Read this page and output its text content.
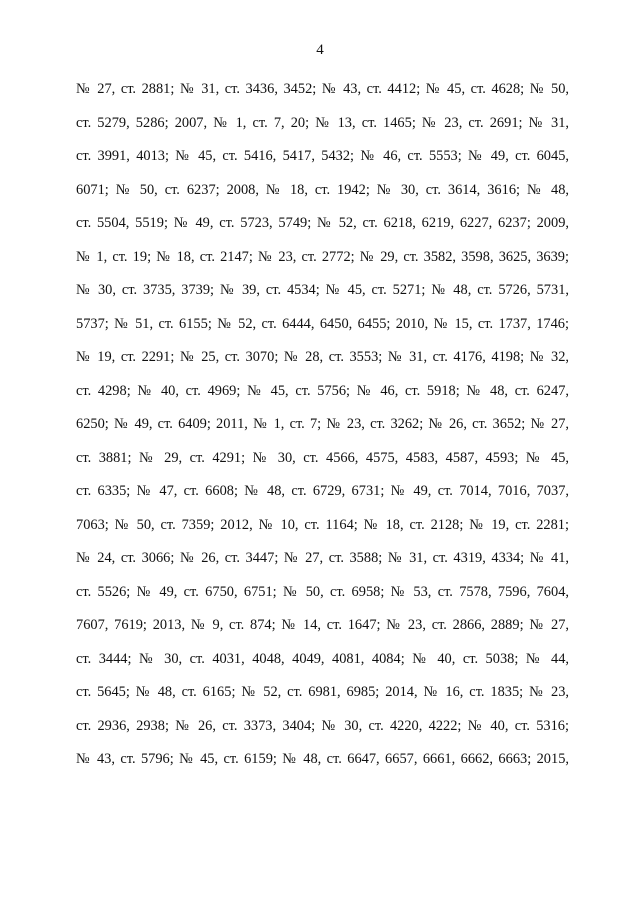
4
№ 27, ст. 2881; № 31, ст. 3436, 3452; № 43, ст. 4412; № 45, ст. 4628; № 50,
ст. 5279, 5286; 2007, № 1, ст. 7, 20; № 13, ст. 1465; № 23, ст. 2691; № 31,
ст. 3991, 4013; № 45, ст. 5416, 5417, 5432; № 46, ст. 5553; № 49, ст. 6045,
6071; № 50, ст. 6237; 2008, № 18, ст. 1942; № 30, ст. 3614, 3616; № 48,
ст. 5504, 5519; № 49, ст. 5723, 5749; № 52, ст. 6218, 6219, 6227, 6237; 2009,
№ 1, ст. 19; № 18, ст. 2147; № 23, ст. 2772; № 29, ст. 3582, 3598, 3625, 3639;
№ 30, ст. 3735, 3739; № 39, ст. 4534; № 45, ст. 5271; № 48, ст. 5726, 5731,
5737; № 51, ст. 6155; № 52, ст. 6444, 6450, 6455; 2010, № 15, ст. 1737, 1746;
№ 19, ст. 2291; № 25, ст. 3070; № 28, ст. 3553; № 31, ст. 4176, 4198; № 32,
ст. 4298; № 40, ст. 4969; № 45, ст. 5756; № 46, ст. 5918; № 48, ст. 6247,
6250; № 49, ст. 6409; 2011, № 1, ст. 7; № 23, ст. 3262; № 26, ст. 3652; № 27,
ст. 3881; № 29, ст. 4291; № 30, ст. 4566, 4575, 4583, 4587, 4593; № 45,
ст. 6335; № 47, ст. 6608; № 48, ст. 6729, 6731; № 49, ст. 7014, 7016, 7037,
7063; № 50, ст. 7359; 2012, № 10, ст. 1164; № 18, ст. 2128; № 19, ст. 2281;
№ 24, ст. 3066; № 26, ст. 3447; № 27, ст. 3588; № 31, ст. 4319, 4334; № 41,
ст. 5526; № 49, ст. 6750, 6751; № 50, ст. 6958; № 53, ст. 7578, 7596, 7604,
7607, 7619; 2013, № 9, ст. 874; № 14, ст. 1647; № 23, ст. 2866, 2889; № 27,
ст. 3444; № 30, ст. 4031, 4048, 4049, 4081, 4084; № 40, ст. 5038; № 44,
ст. 5645; № 48, ст. 6165; № 52, ст. 6981, 6985; 2014, № 16, ст. 1835; № 23,
ст. 2936, 2938; № 26, ст. 3373, 3404; № 30, ст. 4220, 4222; № 40, ст. 5316;
№ 43, ст. 5796; № 45, ст. 6159; № 48, ст. 6647, 6657, 6661, 6662, 6663; 2015,
